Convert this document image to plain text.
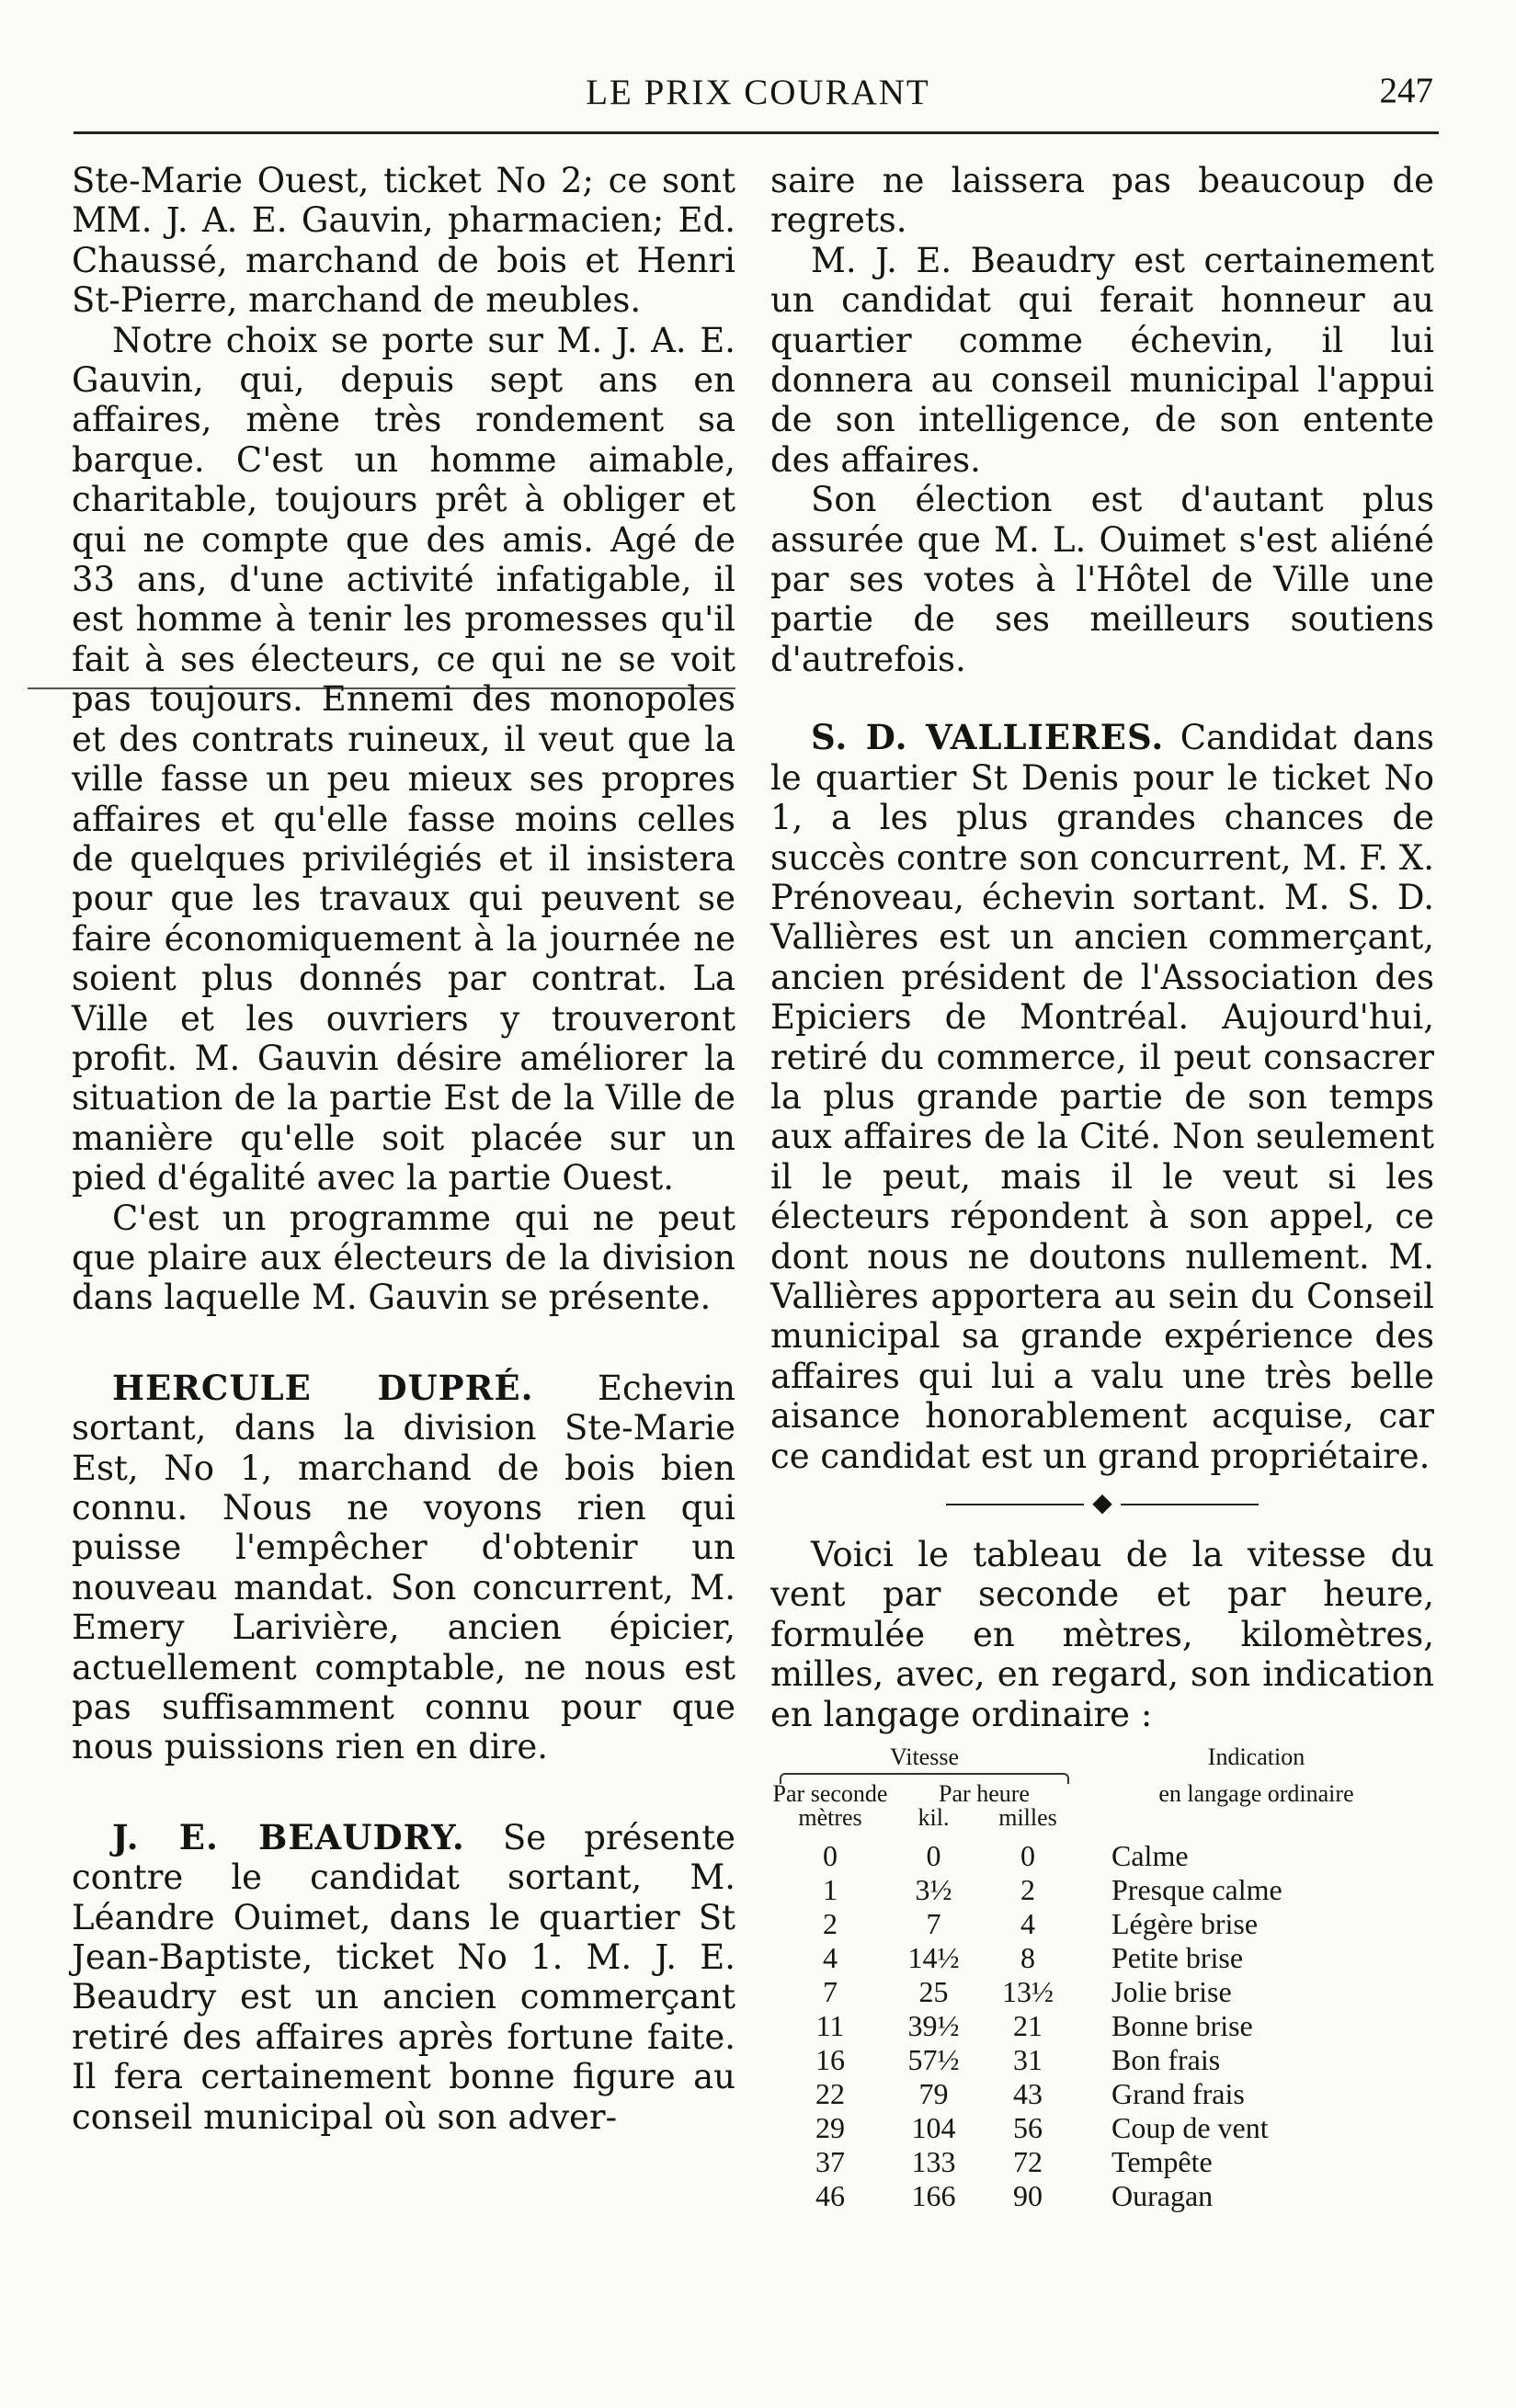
LE PRIX COURANT	247

Ste-Marie Ouest, ticket No 2; ce sont MM. J. A. E. Gauvin, pharmacien; Ed. Chaussé, marchand de bois et Henri St-Pierre, marchand de meubles.

Notre choix se porte sur M. J. A. E. Gauvin, qui, depuis sept ans en affaires, mène très rondement sa barque. C'est un homme aimable, charitable, toujours prêt à obliger et qui ne compte que des amis. Agé de 33 ans, d'une activité infatigable, il est homme à tenir les promesses qu'il fait à ses électeurs, ce qui ne se voit pas toujours. Ennemi des monopoles et des contrats ruineux, il veut que la ville fasse un peu mieux ses propres affaires et qu'elle fasse moins celles de quelques privilégiés et il insistera pour que les travaux qui peuvent se faire économiquement à la journée ne soient plus donnés par contrat. La Ville et les ouvriers y trouveront profit. M. Gauvin désire améliorer la situation de la partie Est de la Ville de manière qu'elle soit placée sur un pied d'égalité avec la partie Ouest.

C'est un programme qui ne peut que plaire aux électeurs de la division dans laquelle M. Gauvin se présente.

HERCULE DUPRÉ. Echevin sortant, dans la division Ste-Marie Est, No 1, marchand de bois bien connu. Nous ne voyons rien qui puisse l'empêcher d'obtenir un nouveau mandat. Son concurrent, M. Emery Larivière, ancien épicier, actuellement comptable, ne nous est pas suffisamment connu pour que nous puissions rien en dire.

J. E. BEAUDRY. Se présente contre le candidat sortant, M. Léandre Ouimet, dans le quartier St Jean-Baptiste, ticket No 1. M. J. E. Beaudry est un ancien commerçant retiré des affaires après fortune faite. Il fera certainement bonne figure au conseil municipal où son adver-

saire ne laissera pas beaucoup de regrets.

M. J. E. Beaudry est certainement un candidat qui ferait honneur au quartier comme échevin, il lui donnera au conseil municipal l'appui de son intelligence, de son entente des affaires.

Son élection est d'autant plus assurée que M. L. Ouimet s'est aliéné par ses votes à l'Hôtel de Ville une partie de ses meilleurs soutiens d'autrefois.

S. D. VALLIERES. Candidat dans le quartier St Denis pour le ticket No 1, a les plus grandes chances de succès contre son concurrent, M. F. X. Prénoveau, échevin sortant. M. S. D. Vallières est un ancien commerçant, ancien président de l'Association des Epiciers de Montréal. Aujourd'hui, retiré du commerce, il peut consacrer la plus grande partie de son temps aux affaires de la Cité. Non seulement il le peut, mais il le veut si les électeurs répondent à son appel, ce dont nous ne doutons nullement. M. Vallières apportera au sein du Conseil municipal sa grande expérience des affaires qui lui a valu une très belle aisance honorablement acquise, car ce candidat est un grand propriétaire.

◆

Voici le tableau de la vitesse du vent par seconde et par heure, formulée en mètres, kilomètres, milles, avec, en regard, son indication en langage ordinaire :

Vitesse	Indication
Par seconde
mètres
Par heure
kil.	milles
en langage ordinaire
0	0	0	Calme
1	3½	2	Presque calme
2	7	4	Légère brise
4	14½	8	Petite brise
7	25	13½	Jolie brise
11	39½	21	Bonne brise
16	57½	31	Bon frais
22	79	43	Grand frais
29	104	56	Coup de vent
37	133	72	Tempête
46	166	90	Ouragan
